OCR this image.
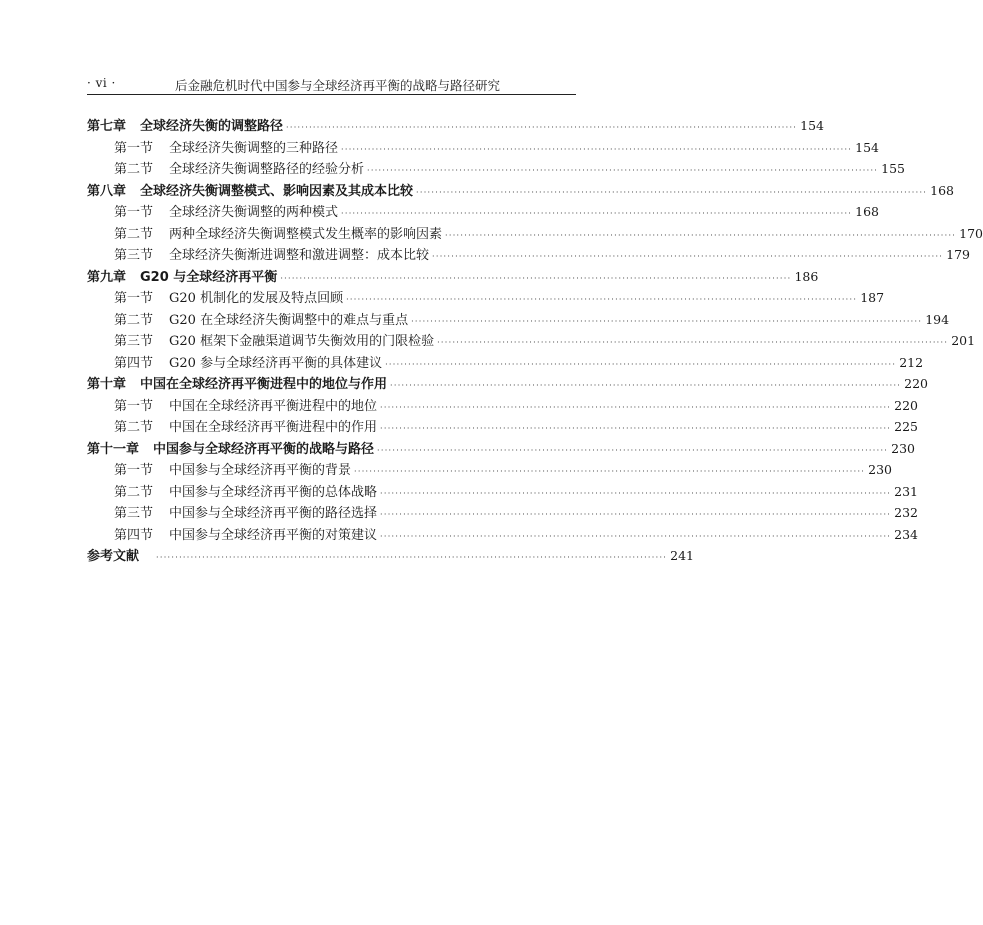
· vi ·	后金融危机时代中国参与全球经济再平衡的战略与路径研究
第七章 全球经济失衡的调整路径 ····································································································································· 154
第一节 全球经济失衡调整的三种路径 ····································································································································· 154
第二节 全球经济失衡调整路径的经验分析 ····································································································································· 155
第八章 全球经济失衡调整模式、影响因素及其成本比较 ····································································································································· 168
第一节 全球经济失衡调整的两种模式 ····································································································································· 168
第二节 两种全球经济失衡调整模式发生概率的影响因素 ····································································································································· 170
第三节 全球经济失衡渐进调整和激进调整：成本比较 ····································································································································· 179
第九章 G20 与全球经济再平衡 ····································································································································· 186
第一节 G20 机制化的发展及特点回顾 ····································································································································· 187
第二节 G20 在全球经济失衡调整中的难点与重点 ····································································································································· 194
第三节 G20 框架下金融渠道调节失衡效用的门限检验 ····································································································································· 201
第四节 G20 参与全球经济再平衡的具体建议 ····································································································································· 212
第十章 中国在全球经济再平衡进程中的地位与作用 ····································································································································· 220
第一节 中国在全球经济再平衡进程中的地位 ····································································································································· 220
第二节 中国在全球经济再平衡进程中的作用 ····································································································································· 225
第十一章 中国参与全球经济再平衡的战略与路径 ····································································································································· 230
第一节 中国参与全球经济再平衡的背景 ····································································································································· 230
第二节 中国参与全球经济再平衡的总体战略 ····································································································································· 231
第三节 中国参与全球经济再平衡的路径选择 ····································································································································· 232
第四节 中国参与全球经济再平衡的对策建议 ····································································································································· 234
参考文献 ····································································································································· 241
